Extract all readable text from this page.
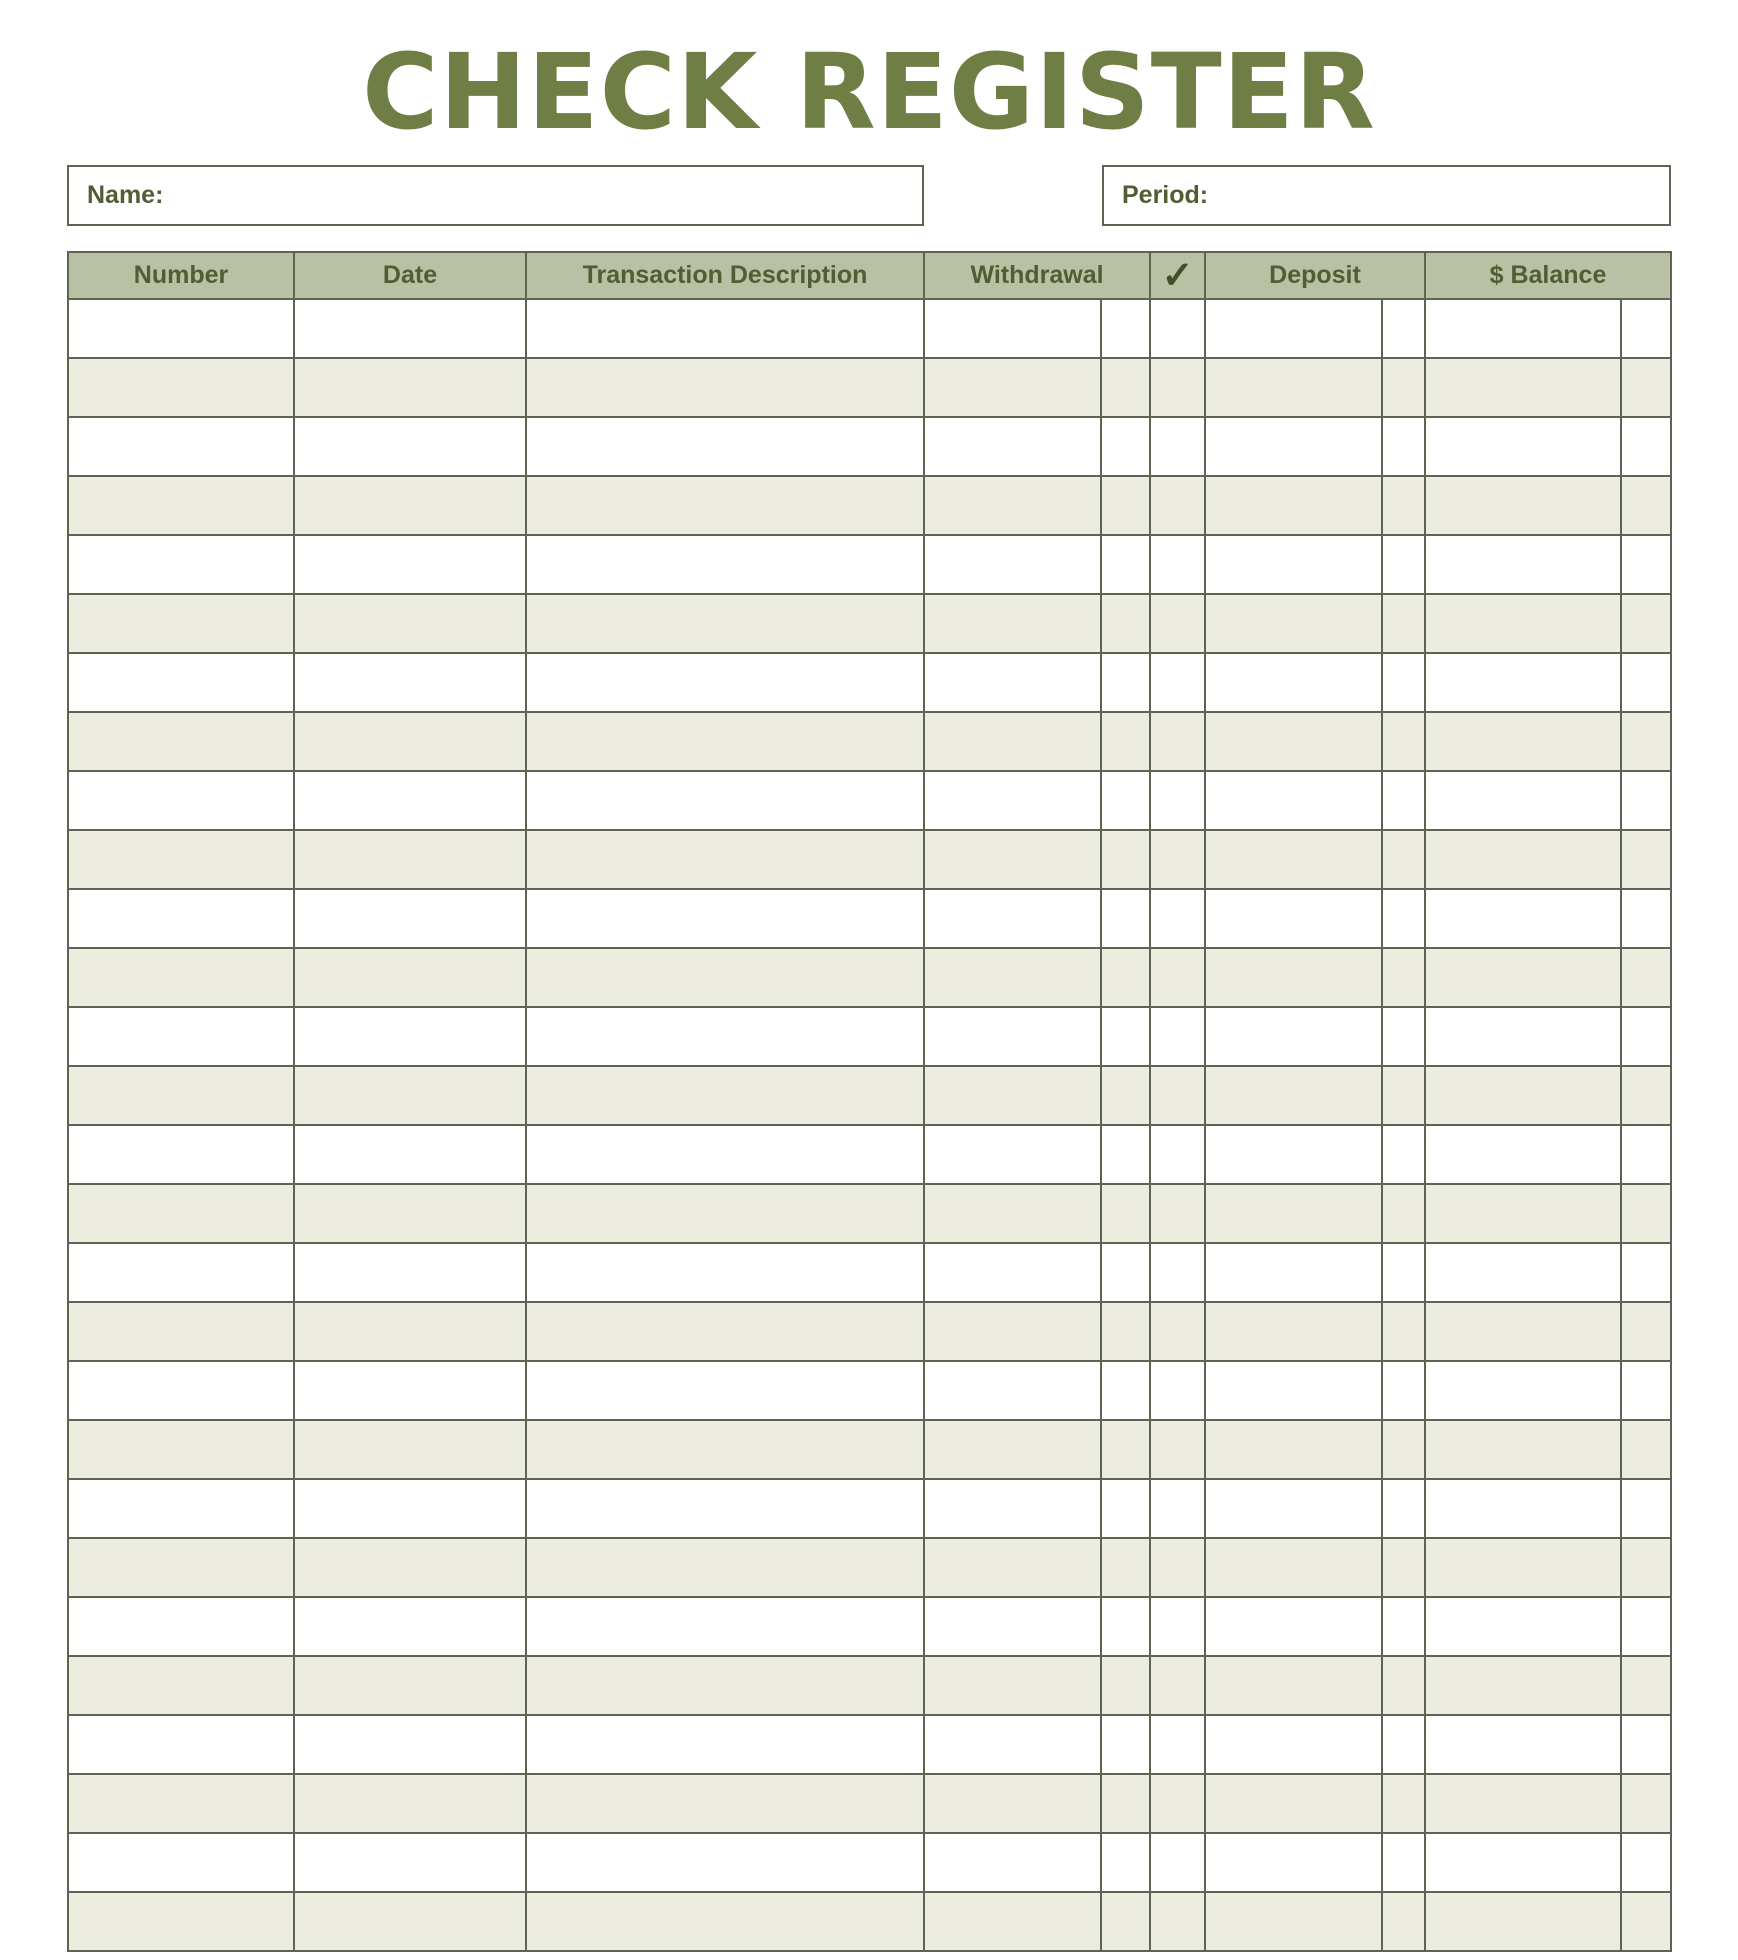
CHECK REGISTER
Name:	Period:
Number	Date	Transaction Description	Withdrawal		✓	Deposit		$ Balance	
